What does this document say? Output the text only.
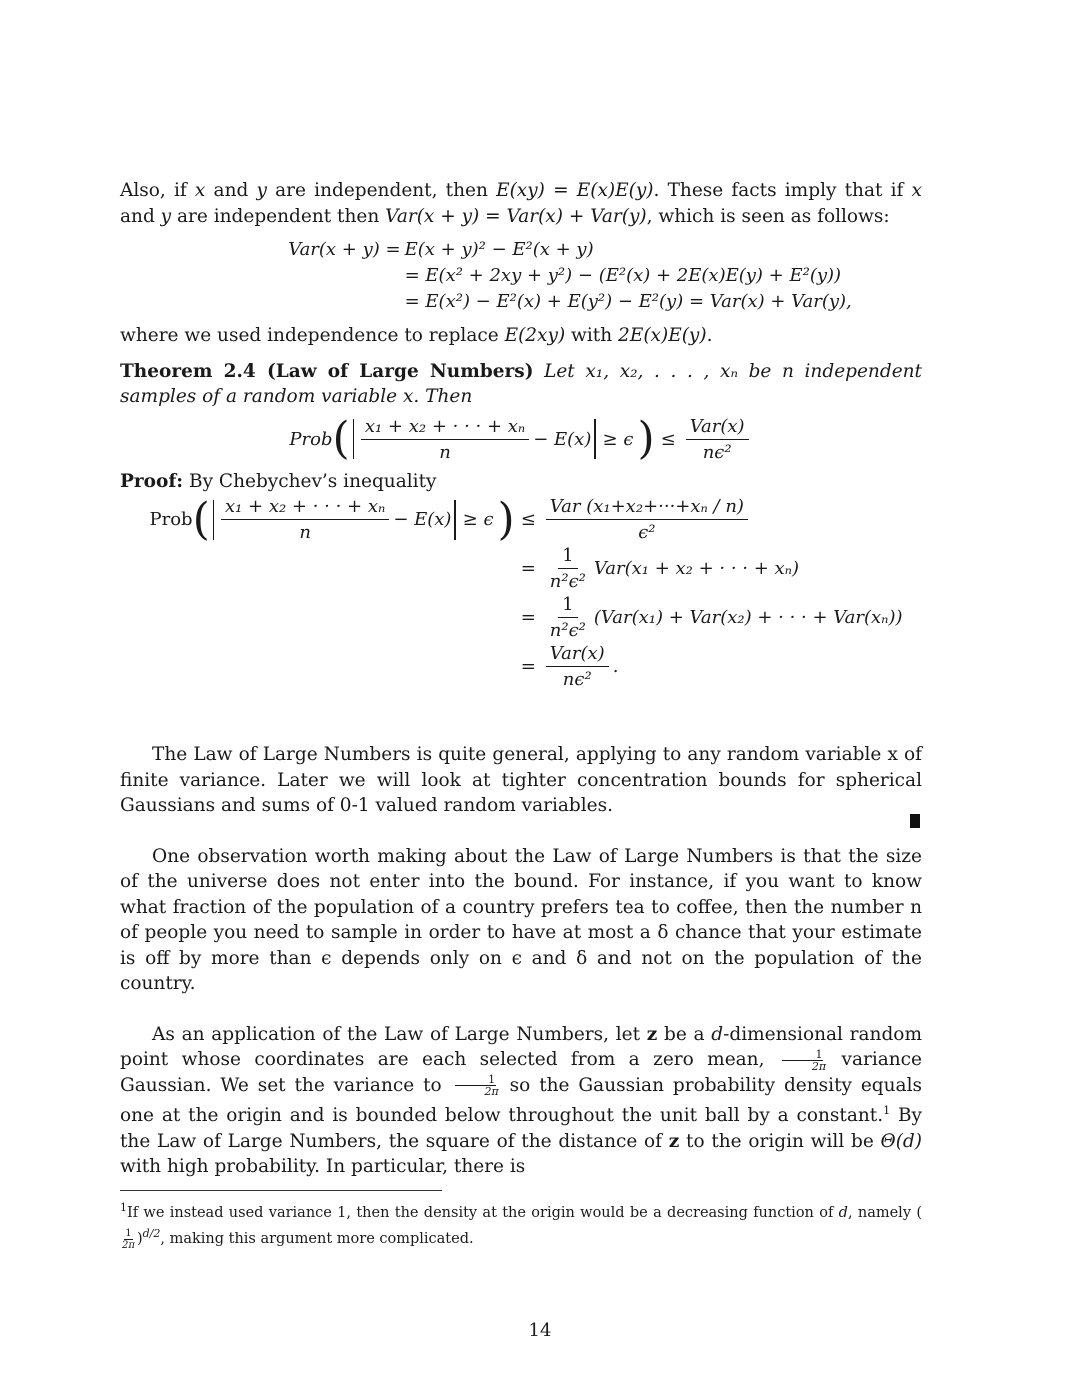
Also, if x and y are independent, then E(xy) = E(x)E(y). These facts imply that if x and y are independent then Var(x + y) = Var(x) + Var(y), which is seen as follows:

Var(x + y) = E(x + y)² − E²(x + y)
= E(x² + 2xy + y²) − (E²(x) + 2E(x)E(y) + E²(y))
= E(x²) − E²(x) + E(y²) − E²(y) = Var(x) + Var(y),

where we used independence to replace E(2xy) with 2E(x)E(y).

Theorem 2.4 (Law of Large Numbers) Let x₁, x₂, . . . , xₙ be n independent samples of a random variable x. Then

Prob ( $\frac{\text{x₁ + x₂ + · · · + xₙ}}{n} - E(x) \ge \epsilon$ ) ≤ $\frac{\text{Var(x)}}{\text{nϵ²}}$

Proof: By Chebychev’s inequality

Prob ( $\frac{\text{x₁ + x₂ + · · · + xₙ}}{n} - E(x) \ge \epsilon$ ) ≤ $\frac{\text{Var (x₁+x₂+···+xₙ / n)}}{\text{ϵ²}}$
= $\frac{1}{\text{n²ϵ²}} Var(x_1 + x_2$ + · · · + xₙ)
= $\frac{1}{\text{n²ϵ²}} (Var(x_1) + Var(x_2)$ + · · · + Var(xₙ))
= $\frac{\text{Var(x)}}{\text{nϵ²}}$ .

The Law of Large Numbers is quite general, applying to any random variable x of finite variance. Later we will look at tighter concentration bounds for spherical Gaussians and sums of 0-1 valued random variables.

One observation worth making about the Law of Large Numbers is that the size of the universe does not enter into the bound. For instance, if you want to know what fraction of the population of a country prefers tea to coffee, then the number n of people you need to sample in order to have at most a δ chance that your estimate is off by more than ϵ depends only on ϵ and δ and not on the population of the country.

As an application of the Law of Large Numbers, let z be a d-dimensional random point whose coordinates are each selected from a zero mean, $\frac{1}{2\pi}$ variance Gaussian. We set the variance to $\frac{1}{2\pi}$ so the Gaussian probability density equals one at the origin and is bounded below throughout the unit ball by a constant.$^1$ By the Law of Large Numbers, the square of the distance of z to the origin will be Θ(d) with high probability. In particular, there is

$^1$If we instead used variance 1, then the density at the origin would be a decreasing function of d, namely (
$\frac{1}{2\pi} )^{d/2}$, making this argument more complicated.

14
